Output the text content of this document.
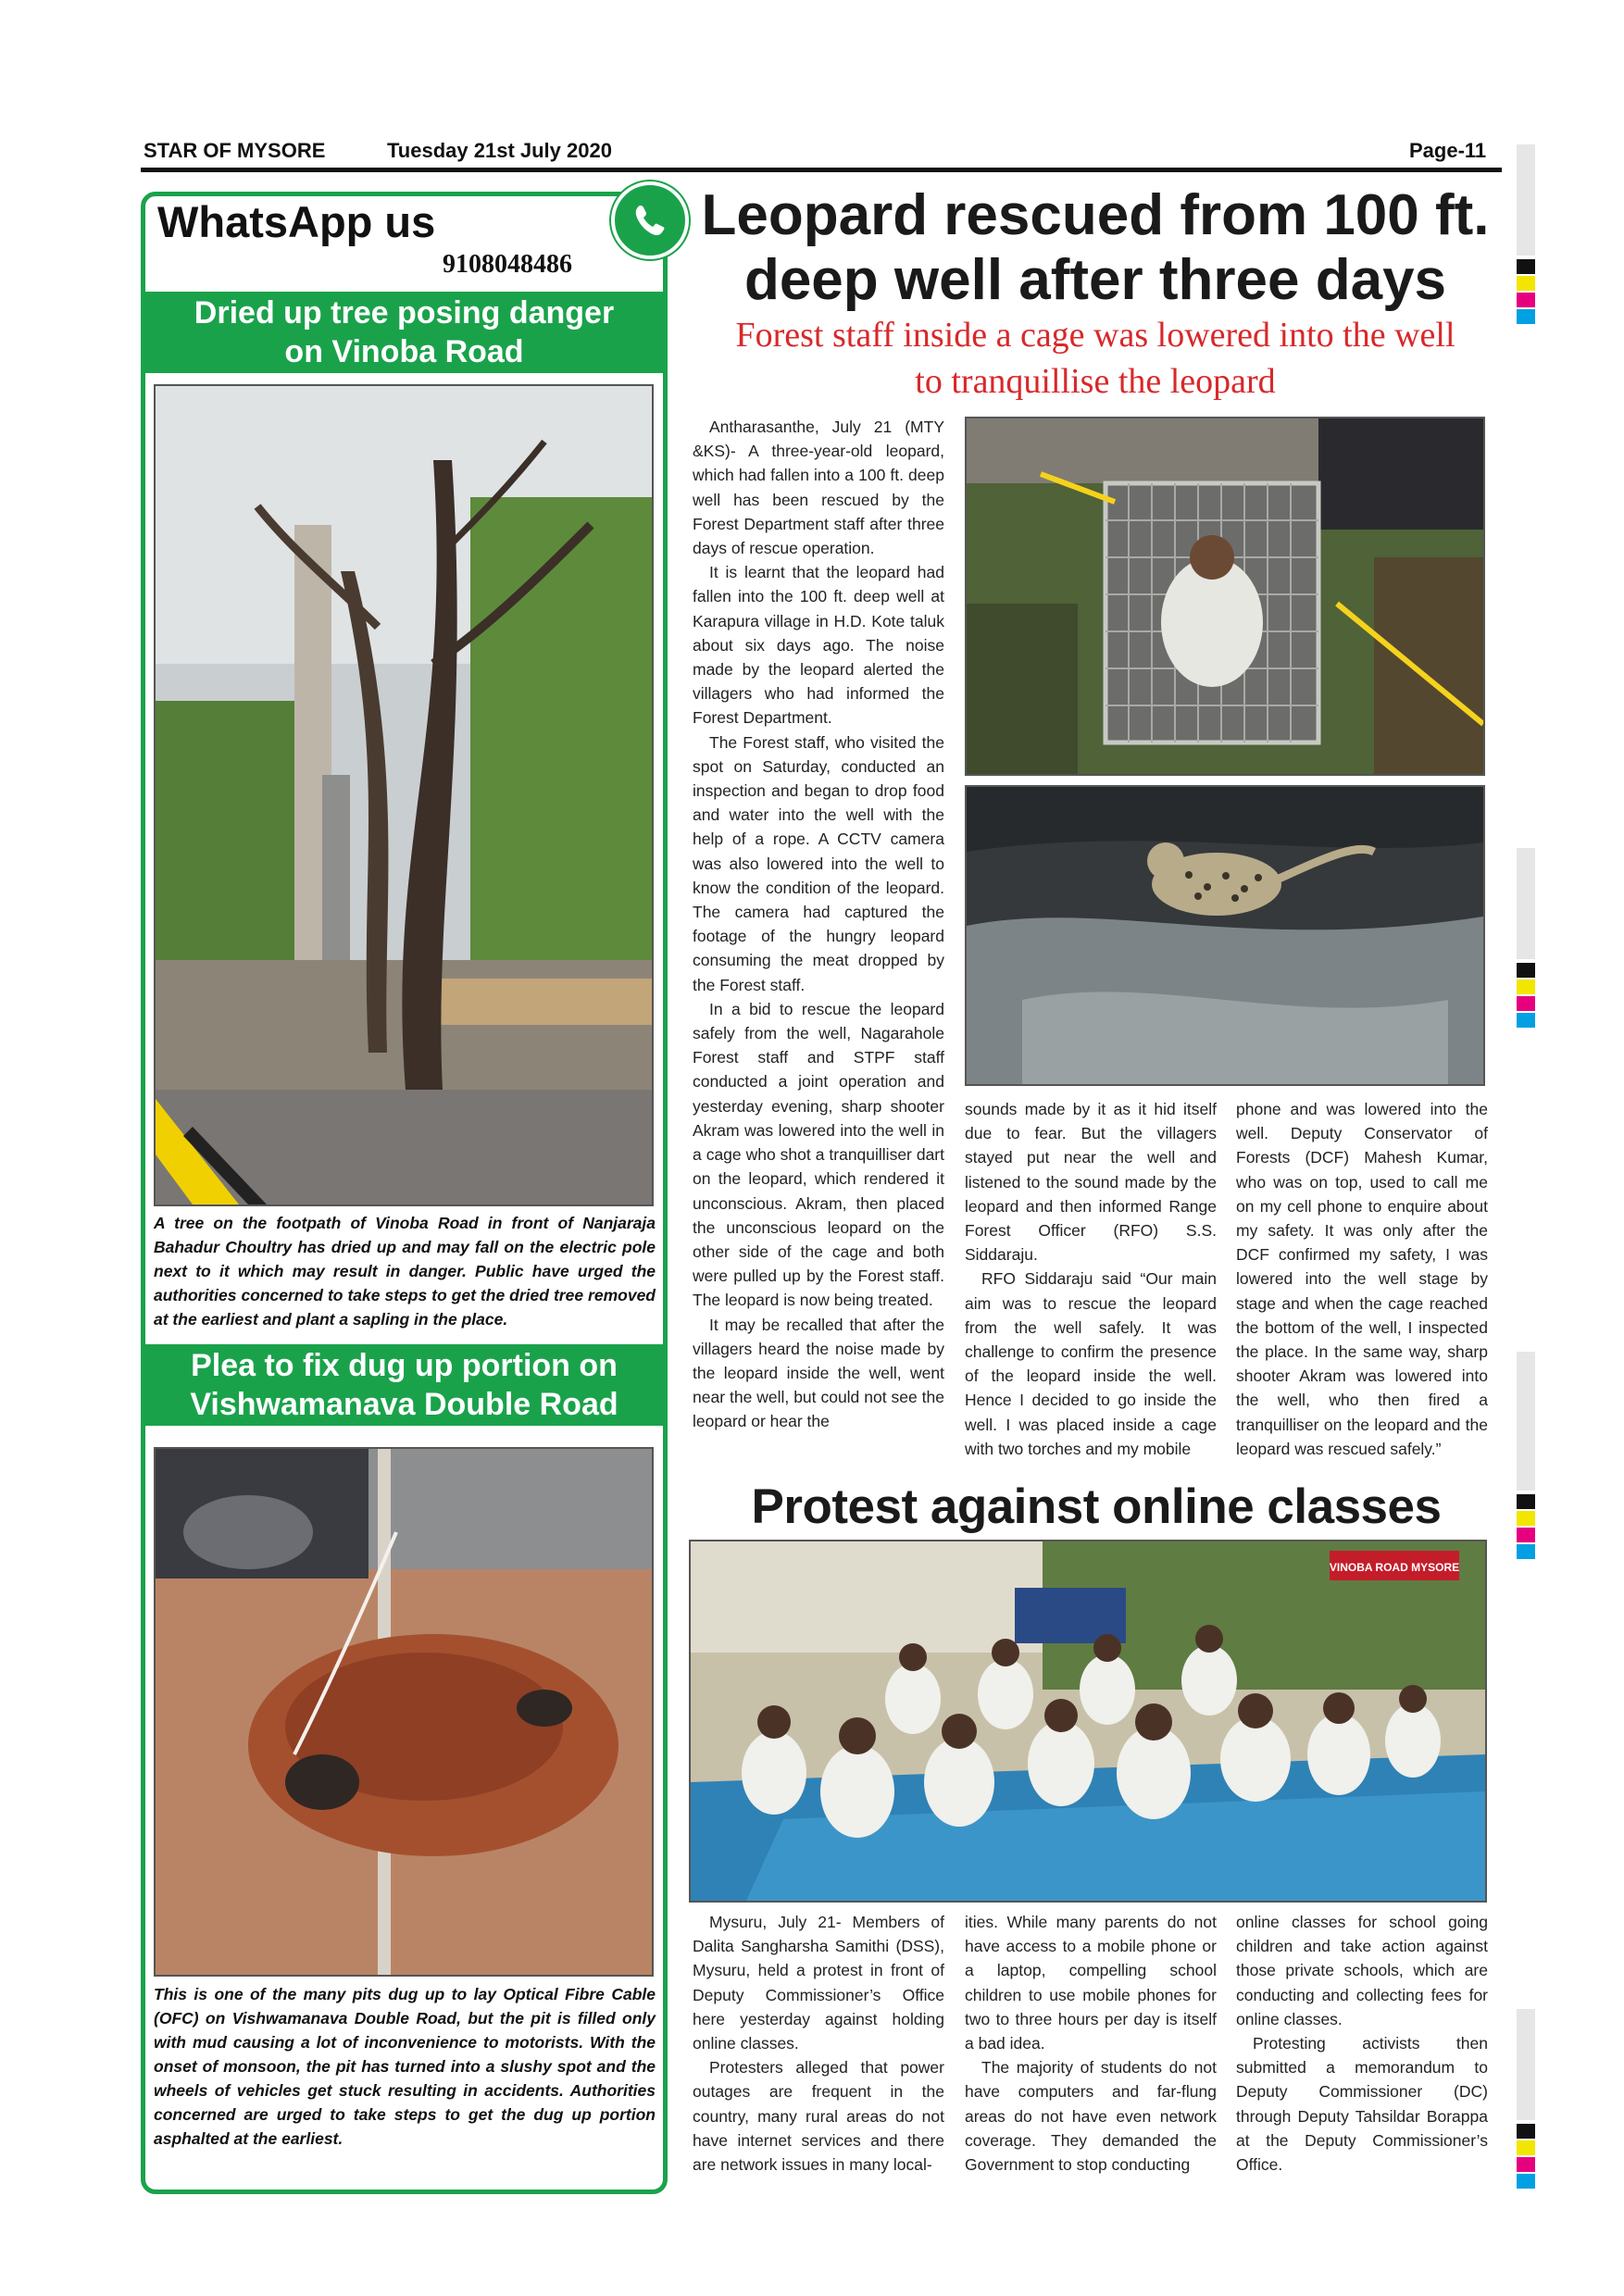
STAR OF MYSORE	Tuesday 21st July 2020	Page-11
WhatsApp us
9108048486
Dried up tree posing danger
on Vinoba Road
A tree on the footpath of Vinoba Road in front of Nanjaraja Bahadur Choultry has dried up and may fall on the electric pole next to it which may result in danger. Public have urged the authorities concerned to take steps to get the dried tree removed at the earliest and plant a sapling in the place.
Plea to fix dug up portion on
Vishwamanava Double Road
This is one of the many pits dug up to lay Optical Fibre Cable (OFC) on Vishwamanava Double Road, but the pit is filled only with mud causing a lot of inconvenience to motorists. With the onset of monsoon, the pit has turned into a slushy spot and the wheels of vehicles get stuck resulting in accidents. Authorities concerned are urged to take steps to get the dug up portion asphalted at the earliest.
Leopard rescued from 100 ft.
deep well after three days
Forest staff inside a cage was lowered into the well
to tranquillise the leopard

Antharasanthe, July 21 (MTY &KS)- A three-year-old leopard, which had fallen into a 100 ft. deep well has been rescued by the Forest Department staff after three days of rescue operation.

It is learnt that the leopard had fallen into the 100 ft. deep well at Karapura village in H.D. Kote taluk about six days ago. The noise made by the leopard alerted the villagers who had informed the Forest Department.

The Forest staff, who visited the spot on Saturday, conducted an inspection and began to drop food and water into the well with the help of a rope. A CCTV camera was also lowered into the well to know the condition of the leopard. The camera had captured the footage of the hungry leopard consuming the meat dropped by the Forest staff.

In a bid to rescue the leopard safely from the well, Nagarahole Forest staff and STPF staff conducted a joint operation and yesterday evening, sharp shooter Akram was lowered into the well in a cage who shot a tranquilliser dart on the leopard, which rendered it unconscious. Akram, then placed the unconscious leopard on the other side of the cage and both were pulled up by the Forest staff. The leopard is now being treated.

It may be recalled that after the villagers heard the noise made by the leopard inside the well, went near the well, but could not see the leopard or hear the

sounds made by it as it hid itself due to fear. But the villagers stayed put near the well and listened to the sound made by the leopard and then informed Range Forest Officer (RFO) S.S. Siddaraju.

RFO Siddaraju said “Our main aim was to rescue the leopard from the well safely. It was challenge to confirm the presence of the leopard inside the well. Hence I decided to go inside the well. I was placed inside a cage with two torches and my mobile

phone and was lowered into the well. Deputy Conservator of Forests (DCF) Mahesh Kumar, who was on top, used to call me on my cell phone to enquire about my safety. It was only after the DCF confirmed my safety, I was lowered into the well stage by stage and when the cage reached the bottom of the well, I inspected the place. In the same way, sharp shooter Akram was lowered into the well, who then fired a tranquilliser on the leopard and the leopard was rescued safely.”

Protest against online classes
VINOBA ROAD MYSORE

Mysuru, July 21- Members of Dalita Sangharsha Samithi (DSS), Mysuru, held a protest in front of Deputy Commissioner’s Office here yesterday against holding online classes.

Protesters alleged that power outages are frequent in the country, many rural areas do not have internet services and there are network issues in many local-

ities. While many parents do not have access to a mobile phone or a laptop, compelling school children to use mobile phones for two to three hours per day is itself a bad idea.

The majority of students do not have computers and far-flung areas do not have even network coverage. They demanded the Government to stop conducting

online classes for school going children and take action against those private schools, which are conducting and collecting fees for online classes.

Protesting activists then submitted a memorandum to Deputy Commissioner (DC) through Deputy Tahsildar Borappa at the Deputy Commissioner’s Office.
